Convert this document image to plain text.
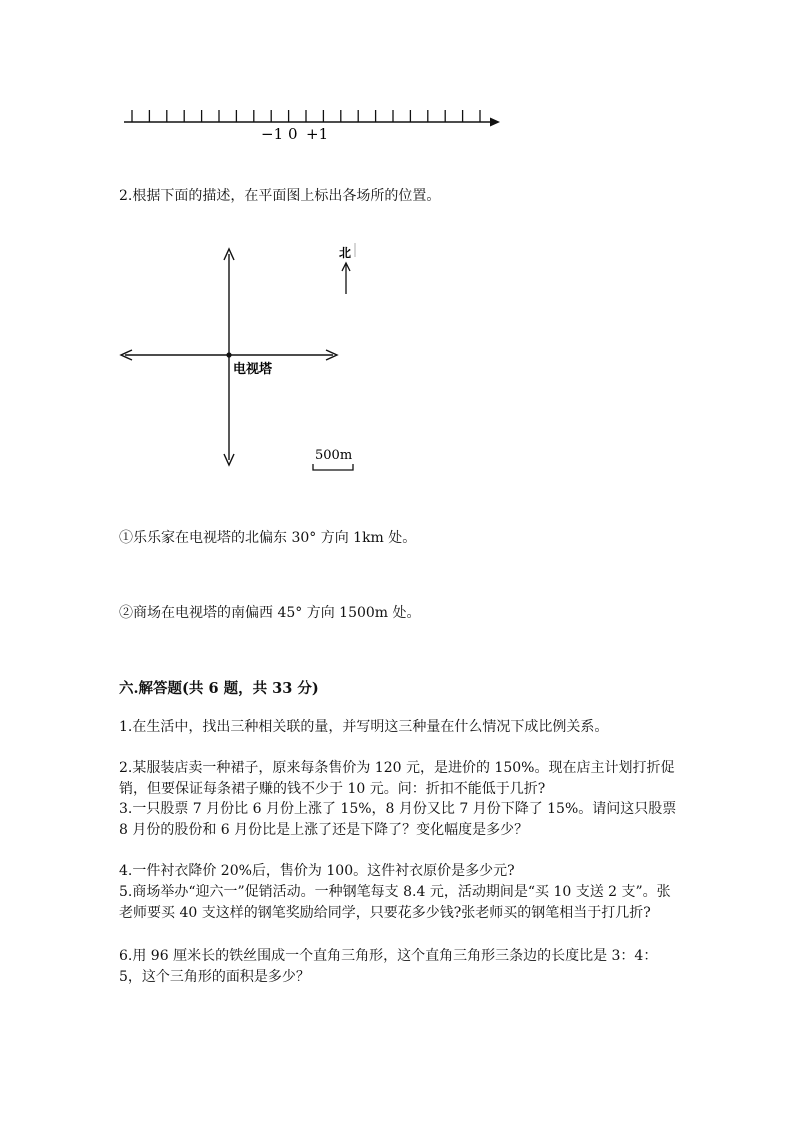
−1 0 +1
2.根据下面的描述，在平面图上标出各场所的位置。
电视塔
北
500m
①乐乐家在电视塔的北偏东 30° 方向 1km 处。
②商场在电视塔的南偏西 45° 方向 1500m 处。
六.解答题(共 6 题，共 33 分)

1.在生活中，找出三种相关联的量，并写明这三种量在什么情况下成比例关系。

2.某服装店卖一种裙子，原来每条售价为 120 元，是进价的 150%。现在店主计划打折促销，但要保证每条裙子赚的钱不少于 10 元。问：折扣不能低于几折?

3.一只股票 7 月份比 6 月份上涨了 15%，8 月份又比 7 月份下降了 15%。请问这只股票 8 月份的股份和 6 月份比是上涨了还是下降了？变化幅度是多少？

4.一件衬衣降价 20%后，售价为 100。这件衬衣原价是多少元?

5.商场举办“迎六一”促销活动。一种钢笔每支 8.4 元，活动期间是“买 10 支送 2 支”。张老师要买 40 支这样的钢笔奖励给同学，只要花多少钱?张老师买的钢笔相当于打几折?

6.用 96 厘米长的铁丝围成一个直角三角形，这个直角三角形三条边的长度比是 3：4：5，这个三角形的面积是多少？
